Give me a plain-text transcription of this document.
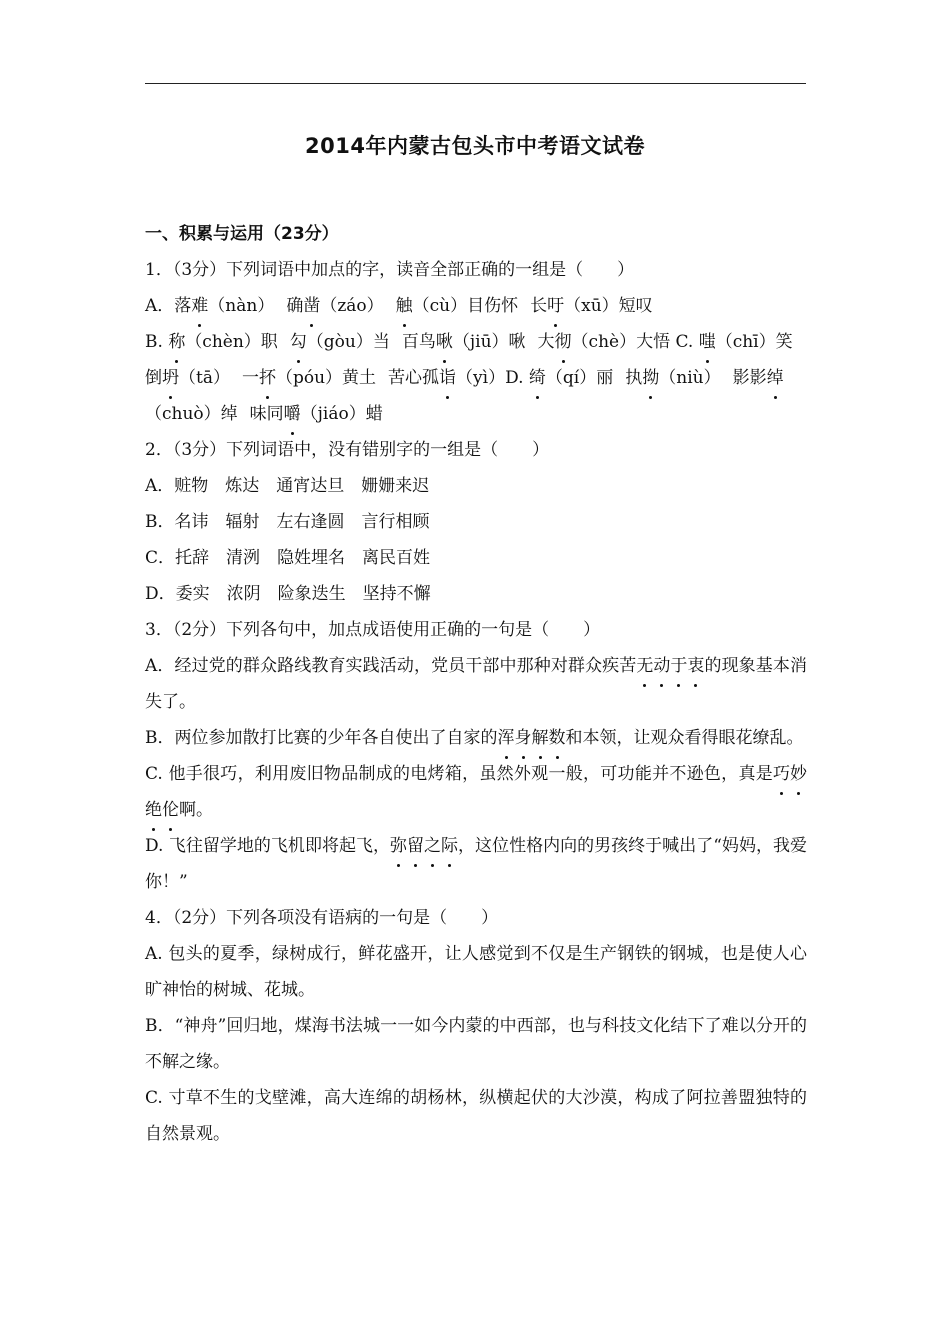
2014年内蒙古包头市中考语文试卷
一、积累与运用（23分）
1．（3分）下列词语中加点的字，读音全部正确的一组是（　　）
A．落难（nàn） 确凿（záo） 触（cù）目伤怀 长吁（xū）短叹
B. 称（chèn）职 勾（gòu）当 百鸟啾（jiū）啾 大彻（chè）大悟 C. 嗤（chī）笑
倒坍（tā） 一抔（póu）黄土 苦心孤诣（yì）D. 绮（qí）丽 执拗（niù） 影影绰
（chuò）绰 味同嚼（jiáo）蜡
2．（3分）下列词语中，没有错别字的一组是（　　）
A．赃物　炼达　通宵达旦　姗姗来迟
B．名讳　辐射　左右逢圆　言行相顾
C．托辞　清洌　隐姓埋名　离民百姓
D．委实　浓阴　险象迭生　坚持不懈
3．（2分）下列各句中，加点成语使用正确的一句是（　　）
A．经过党的群众路线教育实践活动，党员干部中那种对群众疾苦无动于衷的现象基本消失了。
B．两位参加散打比赛的少年各自使出了自家的浑身解数和本领，让观众看得眼花缭乱。
C. 他手很巧，利用废旧物品制成的电烤箱，虽然外观一般，可功能并不逊色，真是巧妙绝伦啊。
D. 飞往留学地的飞机即将起飞，弥留之际，这位性格内向的男孩终于喊出了“妈妈，我爱你！”
4．（2分）下列各项没有语病的一句是（　　）
A. 包头的夏季，绿树成行，鲜花盛开，让人感觉到不仅是生产钢铁的钢城，也是使人心旷神怡的树城、花城。
B．“神舟”回归地，煤海书法城一一如今内蒙的中西部，也与科技文化结下了难以分开的不解之缘。
C. 寸草不生的戈壁滩，高大连绵的胡杨林，纵横起伏的大沙漠，构成了阿拉善盟独特的自然景观。
